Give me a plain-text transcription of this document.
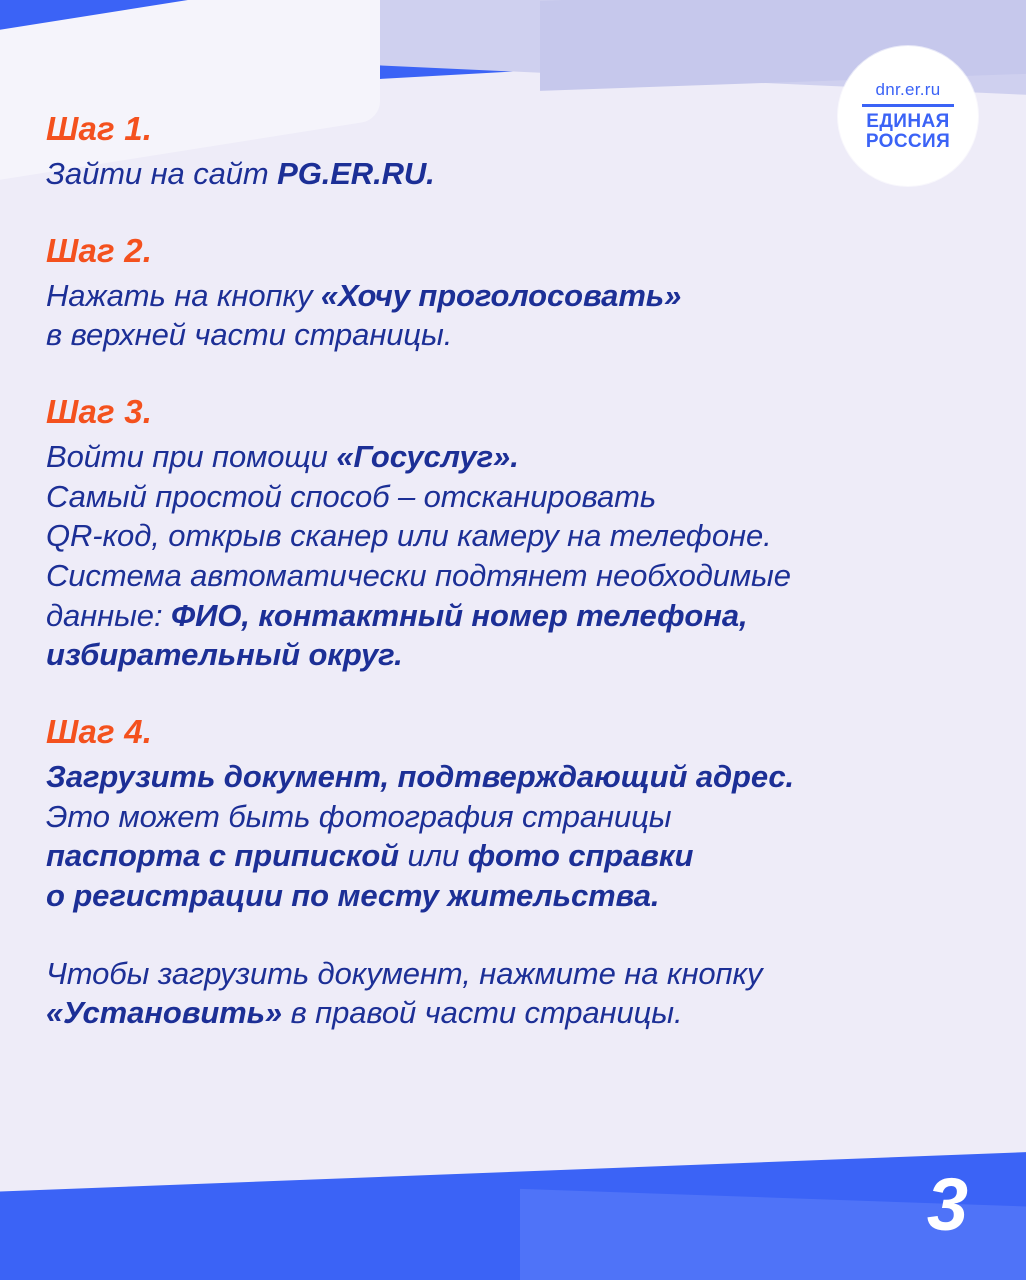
dnr.er.ru
ЕДИНАЯ
РОССИЯ

Шаг 1.

Зайти на сайт PG.ER.RU.

Шаг 2.

Нажать на кнопку «Хочу проголосовать»

в верхней части страницы.

Шаг 3.

Войти при помощи «Госуслуг».

Самый простой способ – отсканировать

QR-код, открыв сканер или камеру на телефоне.

Система автоматически подтянет необходимые

данные: ФИО, контактный номер телефона,

избирательный округ.

Шаг 4.

Загрузить документ, подтверждающий адрес.

Это может быть фотография страницы

паспорта с припиской или фото справки

о регистрации по месту жительства.

Чтобы загрузить документ, нажмите на кнопку

«Установить» в правой части страницы.

3
